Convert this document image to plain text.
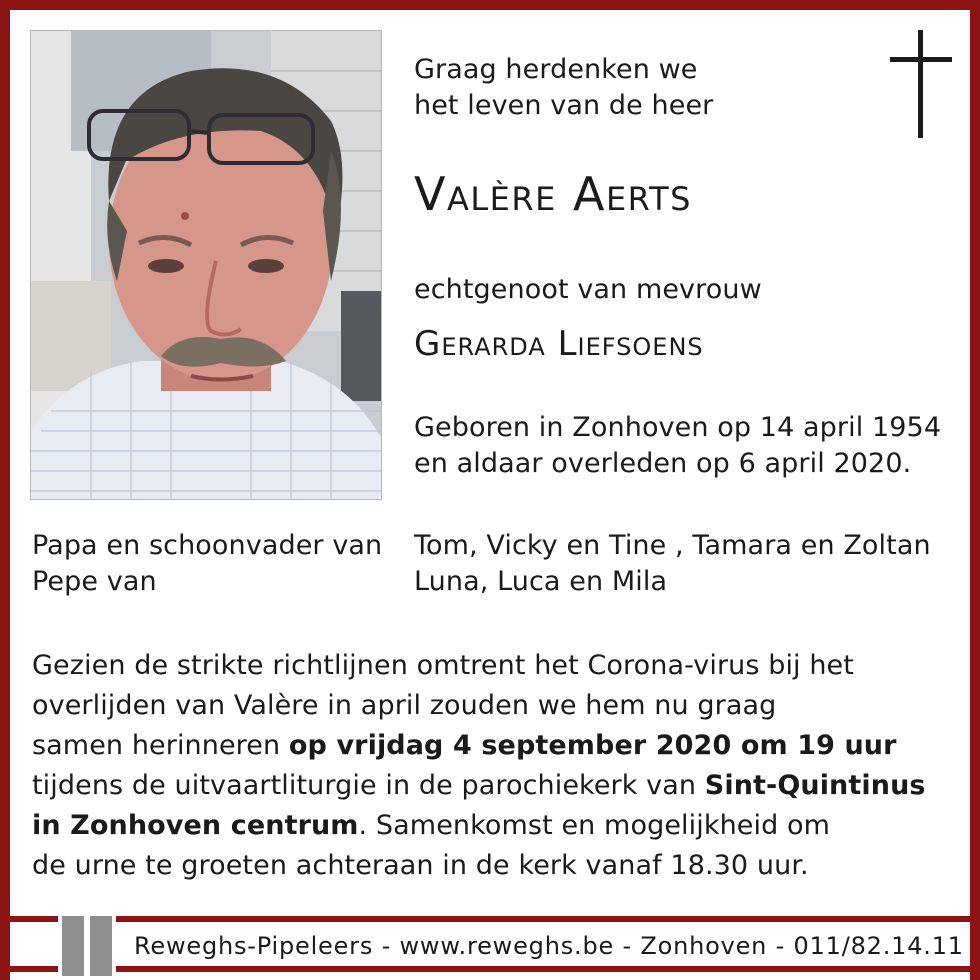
Graag herdenken we
het leven van de heer
Valère Aerts
echtgenoot van mevrouw
Gerarda Liefsoens
Geboren in Zonhoven op 14 april 1954
en aldaar overleden op 6 april 2020.
Papa en schoonvader van
Pepe van
Tom, Vicky en Tine , Tamara en Zoltan
Luna, Luca en Mila
Gezien de strikte richtlijnen omtrent het Corona-virus bij het
overlijden van Valère in april zouden we hem nu graag
samen herinneren op vrijdag 4 september 2020 om 19 uur
tijdens de uitvaartliturgie in de parochiekerk van Sint-Quintinus
in Zonhoven centrum. Samenkomst en mogelijkheid om
de urne te groeten achteraan in de kerk vanaf 18.30 uur.
Reweghs-Pipeleers - www.reweghs.be - Zonhoven - 011/82.14.11
